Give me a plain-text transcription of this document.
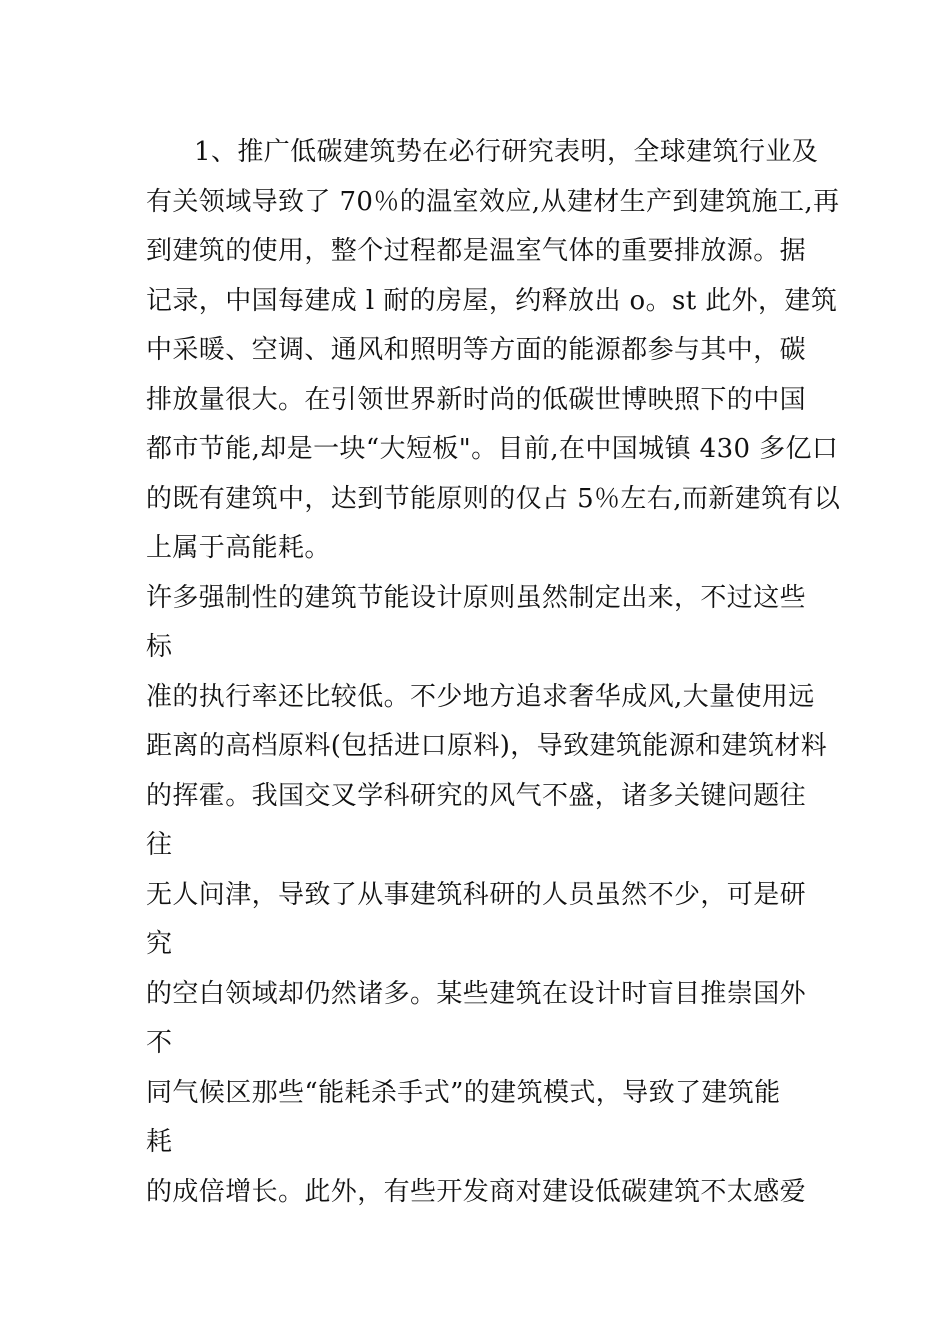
1、推广低碳建筑势在必行研究表明，全球建筑行业及
有关领域导致了 70％的温室效应,从建材生产到建筑施工,再
到建筑的使用，整个过程都是温室气体的重要排放源。据
记录，中国每建成 l 耐的房屋，约释放出 o。st 此外，建筑
中采暖、空调、通风和照明等方面的能源都参与其中，碳
排放量很大。在引领世界新时尚的低碳世博映照下的中国
都市节能,却是一块“大短板"。目前,在中国城镇 430 多亿口
的既有建筑中，达到节能原则的仅占 5％左右,而新建筑有以
上属于高能耗。
许多强制性的建筑节能设计原则虽然制定出来，不过这些
标
准的执行率还比较低。不少地方追求奢华成风,大量使用远
距离的高档原料(包括进口原料)，导致建筑能源和建筑材料
的挥霍。我国交叉学科研究的风气不盛，诸多关键问题往
往
无人问津，导致了从事建筑科研的人员虽然不少，可是研
究
的空白领域却仍然诸多。某些建筑在设计时盲目推崇国外
不
同气候区那些“能耗杀手式”的建筑模式，导致了建筑能
耗
的成倍增长。此外，有些开发商对建设低碳建筑不太感爱
